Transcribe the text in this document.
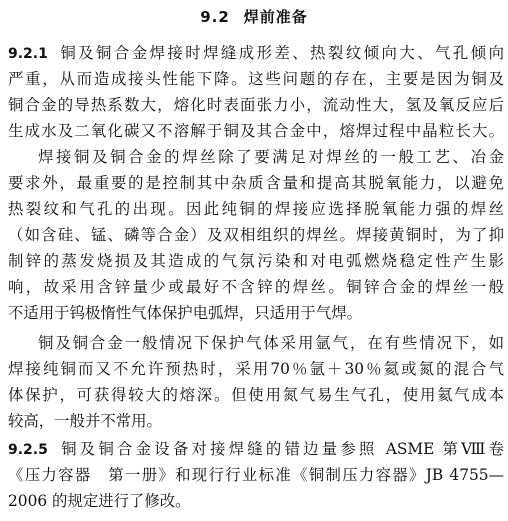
9.2 焊前准备
9.2.1 铜及铜合金焊接时焊缝成形差、热裂纹倾向大、气孔倾向
严重，从而造成接头性能下降。这些问题的存在，主要是因为铜及
铜合金的导热系数大，熔化时表面张力小，流动性大，氢及氧反应后
生成水及二氧化碳又不溶解于铜及其合金中，熔焊过程中晶粒长大。
焊接铜及铜合金的焊丝除了要满足对焊丝的一般工艺、冶金
要求外，最重要的是控制其中杂质含量和提高其脱氧能力，以避免
热裂纹和气孔的出现。因此纯铜的焊接应选择脱氧能力强的焊丝
（如含硅、锰、磷等合金）及双相组织的焊丝。焊接黄铜时，为了抑
制锌的蒸发烧损及其造成的气氛污染和对电弧燃烧稳定性产生影
响，故采用含锌量少或最好不含锌的焊丝。铜锌合金的焊丝一般
不适用于钨极惰性气体保护电弧焊，只适用于气焊。
铜及铜合金一般情况下保护气体采用氩气，在有些情况下，如
焊接纯铜而又不允许预热时，采用70％氩＋30％氦或氮的混合气
体保护，可获得较大的熔深。但使用氮气易生气孔，使用氦气成本
较高，一般并不常用。
9.2.5 铜及铜合金设备对接焊缝的错边量参照 ASME 第Ⅷ卷
《压力容器　第一册》和现行行业标准《铜制压力容器》JB 4755—
2006 的规定进行了修改。
